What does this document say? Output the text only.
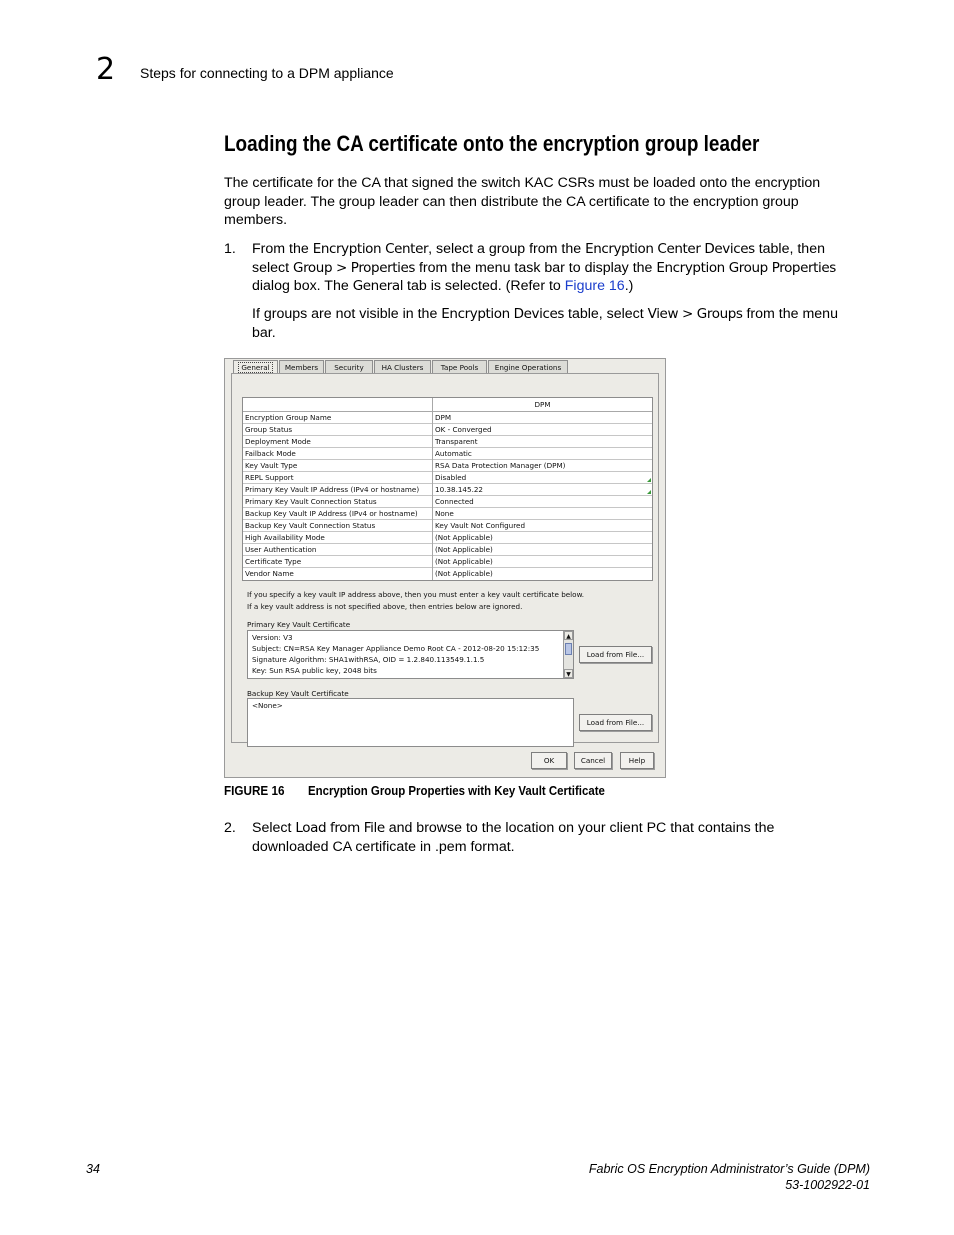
2 Steps for connecting to a DPM appliance
Loading the CA certificate onto the encryption group leader
The certificate for the CA that signed the switch KAC CSRs must be loaded onto the encryption
group leader. The group leader can then distribute the CA certificate to the encryption group
members.
1. From the Encryption Center, select a group from the Encryption Center Devices table, then
select Group > Properties from the menu task bar to display the Encryption Group Properties
dialog box. The General tab is selected. (Refer to Figure 16.)
If groups are not visible in the Encryption Devices table, select View > Groups from the menu
bar.
General	Members	Security	HA Clusters	Tape Pools	Engine Operations
DPM
Encryption Group Name	DPM
Group Status	OK - Converged
Deployment Mode	Transparent
Failback Mode	Automatic
Key Vault Type	RSA Data Protection Manager (DPM)
REPL Support	Disabled
Primary Key Vault IP Address (IPv4 or hostname)	10.38.145.22
Primary Key Vault Connection Status	Connected
Backup Key Vault IP Address (IPv4 or hostname)	None
Backup Key Vault Connection Status	Key Vault Not Configured
High Availability Mode	(Not Applicable)
User Authentication	(Not Applicable)
Certificate Type	(Not Applicable)
Vendor Name	(Not Applicable)
If you specify a key vault IP address above, then you must enter a key vault certificate below.
If a key vault address is not specified above, then entries below are ignored.
Primary Key Vault Certificate
Version: V3
Subject: CN=RSA Key Manager Appliance Demo Root CA - 2012-08-20 15:12:35
Signature Algorithm: SHA1withRSA, OID = 1.2.840.113549.1.1.5
Key: Sun RSA public key, 2048 bits
▲
▼
Load from File...
Backup Key Vault Certificate
<None>
Load from File...
OK	Cancel	Help
FIGURE 16 Encryption Group Properties with Key Vault Certificate
2. Select Load from File and browse to the location on your client PC that contains the
downloaded CA certificate in .pem format.
34	Fabric OS Encryption Administrator’s Guide (DPM)
53-1002922-01
